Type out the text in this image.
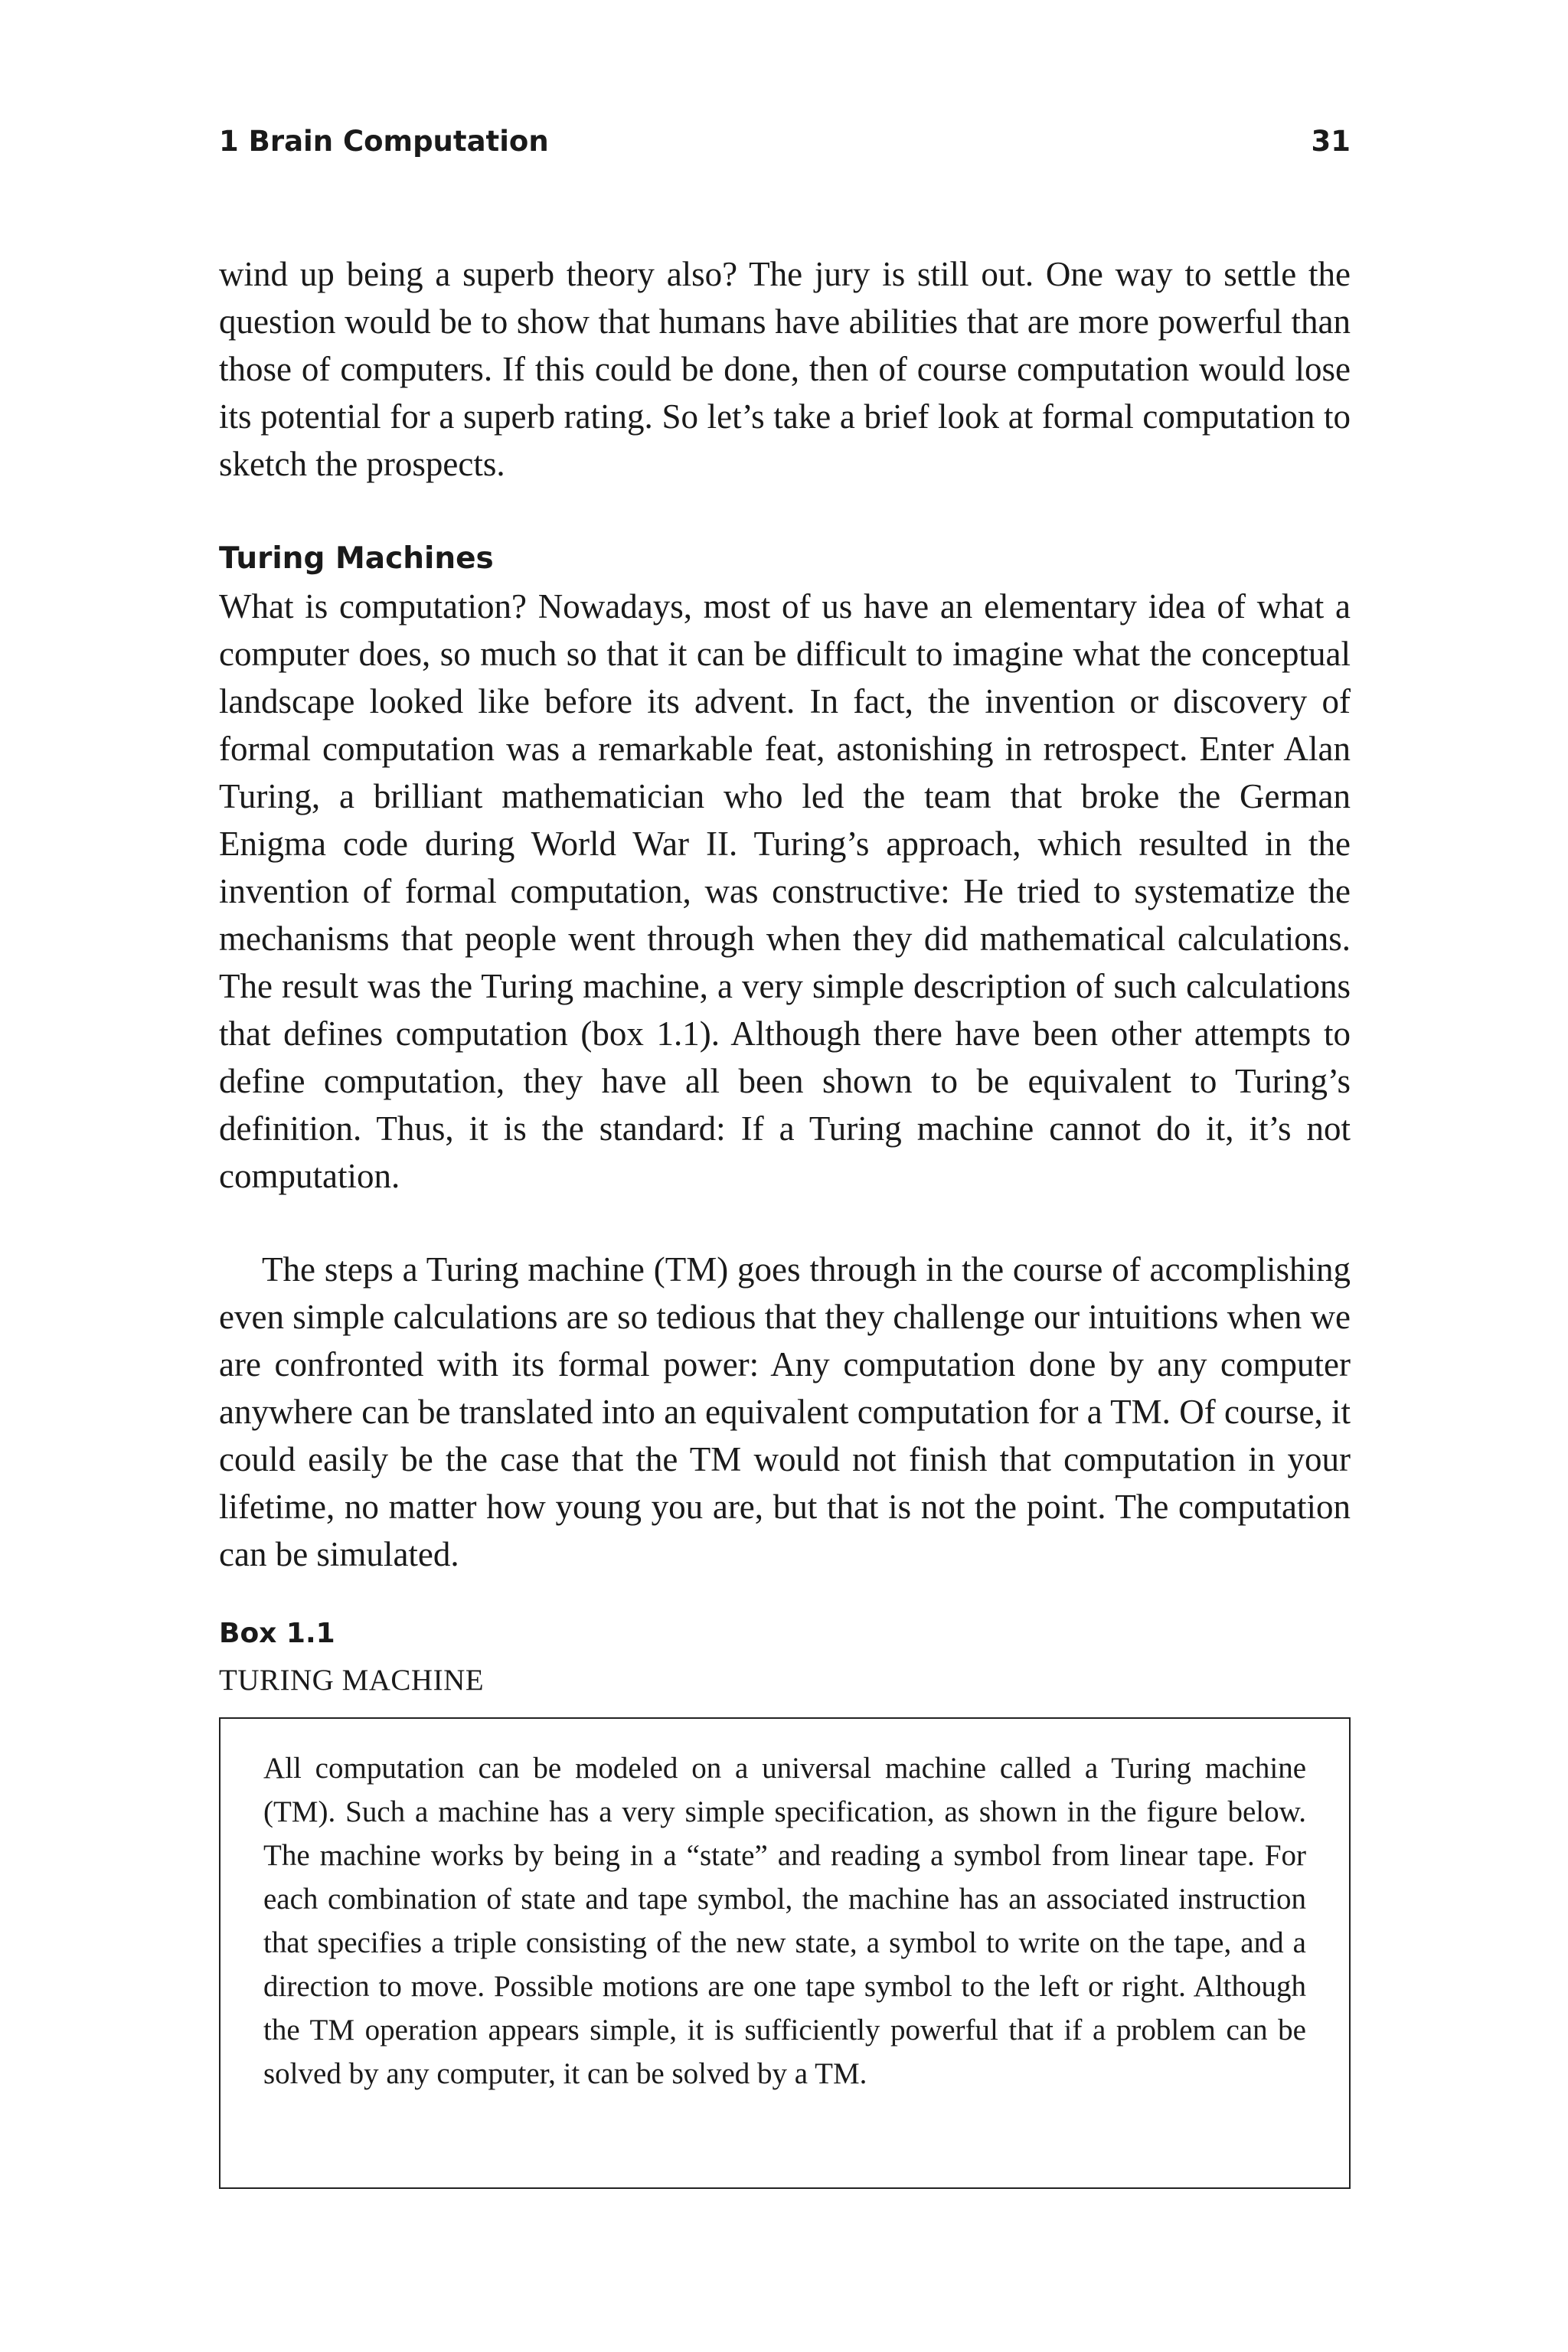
1 Brain Computation	31

wind up being a superb theory also? The jury is still out. One way to settle the question would be to show that humans have abilities that are more powerful than those of computers. If this could be done, then of course computation would lose its potential for a superb rating. So let’s take a brief look at formal computation to sketch the prospects.

Turing Machines

What is computation? Nowadays, most of us have an elementary idea of what a computer does, so much so that it can be difficult to imagine what the conceptual landscape looked like before its advent. In fact, the invention or discovery of formal computation was a remarkable feat, astonishing in retrospect. Enter Alan Turing, a brilliant mathematician who led the team that broke the German Enigma code during World War II. Turing’s approach, which resulted in the invention of formal computation, was constructive: He tried to systematize the mechanisms that people went through when they did mathematical calculations. The result was the Turing machine, a very simple description of such calculations that defines computation (box 1.1). Although there have been other attempts to define computation, they have all been shown to be equivalent to Turing’s definition. Thus, it is the standard: If a Turing machine cannot do it, it’s not computation.

The steps a Turing machine (TM) goes through in the course of accomplishing even simple calculations are so tedious that they challenge our intuitions when we are confronted with its formal power: Any computation done by any computer anywhere can be translated into an equivalent computation for a TM. Of course, it could easily be the case that the TM would not finish that computation in your lifetime, no matter how young you are, but that is not the point. The computation can be simulated.

Box 1.1

TURING MACHINE

All computation can be modeled on a universal machine called a Turing machine (TM). Such a machine has a very simple specification, as shown in the figure below. The machine works by being in a “state” and reading a symbol from linear tape. For each combination of state and tape symbol, the machine has an associated instruction that specifies a triple consisting of the new state, a symbol to write on the tape, and a direction to move. Possible motions are one tape symbol to the left or right. Although the TM operation appears simple, it is sufficiently powerful that if a problem can be solved by any computer, it can be solved by a TM.
